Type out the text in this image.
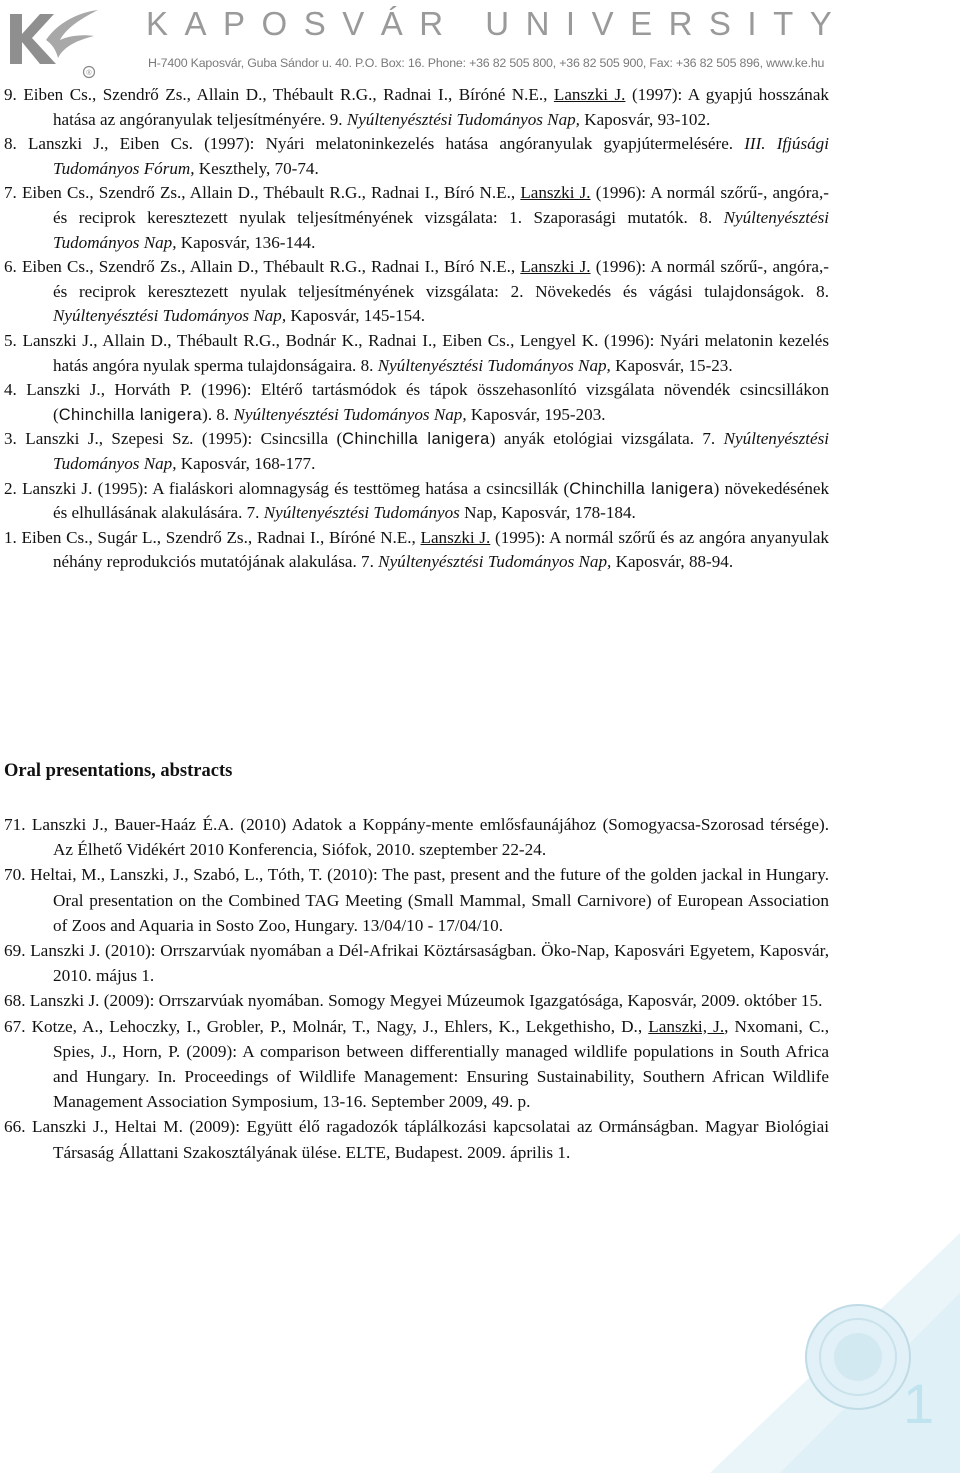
®
KAPOSVÁR UNIVERSITY
H-7400 Kaposvár, Guba Sándor u. 40. P.O. Box: 16. Phone: +36 82 505 800, +36 82 505 900, Fax: +36 82 505 896, www.ke.hu

9. Eiben Cs., Szendrő Zs., Allain D., Thébault R.G., Radnai I., Bíróné N.E., Lanszki J. (1997): A gyapjú hosszának hatása az angóranyulak teljesítményére. 9. Nyúltenyésztési Tudományos Nap, Kaposvár, 93-102.

8. Lanszki J., Eiben Cs. (1997): Nyári melatoninkezelés hatása angóranyulak gyapjútermelésére. III. Ifjúsági Tudományos Fórum, Keszthely, 70-74.

7. Eiben Cs., Szendrő Zs., Allain D., Thébault R.G., Radnai I., Bíró N.E., Lanszki J. (1996): A normál szőrű-, angóra,- és reciprok keresztezett nyulak teljesítményének vizsgálata: 1. Szaporasági mutatók. 8. Nyúltenyésztési Tudományos Nap, Kaposvár, 136-144.

6. Eiben Cs., Szendrő Zs., Allain D., Thébault R.G., Radnai I., Bíró N.E., Lanszki J. (1996): A normál szőrű-, angóra,- és reciprok keresztezett nyulak teljesítményének vizsgálata: 2. Növekedés és vágási tulajdonságok. 8. Nyúltenyésztési Tudományos Nap, Kaposvár, 145-154.

5. Lanszki J., Allain D., Thébault R.G., Bodnár K., Radnai I., Eiben Cs., Lengyel K. (1996): Nyári melatonin kezelés hatás angóra nyulak sperma tulajdonságaira. 8. Nyúltenyésztési Tudományos Nap, Kaposvár, 15-23.

4. Lanszki J., Horváth P. (1996): Eltérő tartásmódok és tápok összehasonlító vizsgálata növendék csincsillákon (Chinchilla lanigera). 8. Nyúltenyésztési Tudományos Nap, Kaposvár, 195-203.

3. Lanszki J., Szepesi Sz. (1995): Csincsilla (Chinchilla lanigera) anyák etológiai vizsgálata. 7. Nyúltenyésztési Tudományos Nap, Kaposvár, 168-177.

2. Lanszki J. (1995): A fialáskori alomnagyság és testtömeg hatása a csincsillák (Chinchilla lanigera) növekedésének és elhullásának alakulására. 7. Nyúltenyésztési Tudományos Nap, Kaposvár, 178-184.

1. Eiben Cs., Sugár L., Szendrő Zs., Radnai I., Bíróné N.E., Lanszki J. (1995): A normál szőrű és az angóra anyanyulak néhány reprodukciós mutatójának alakulása. 7. Nyúltenyésztési Tudományos Nap, Kaposvár, 88-94.

Oral presentations, abstracts

71. Lanszki J., Bauer-Haáz É.A. (2010) Adatok a Koppány-mente emlősfaunájához (Somogyacsa-Szorosad térsége). Az Élhető Vidékért 2010 Konferencia, Siófok, 2010. szeptember 22-24.

70. Heltai, M., Lanszki, J., Szabó, L., Tóth, T. (2010): The past, present and the future of the golden jackal in Hungary. Oral presentation on the Combined TAG Meeting (Small Mammal, Small Carnivore) of European Association of Zoos and Aquaria in Sosto Zoo, Hungary. 13/04/10 - 17/04/10.

69. Lanszki J. (2010): Orrszarvúak nyomában a Dél-Afrikai Köztársaságban. Öko-Nap, Kaposvári Egyetem, Kaposvár, 2010. május 1.

68. Lanszki J. (2009): Orrszarvúak nyomában. Somogy Megyei Múzeumok Igazgatósága, Kaposvár, 2009. október 15.

67. Kotze, A., Lehoczky, I., Grobler, P., Molnár, T., Nagy, J., Ehlers, K., Lekgethisho, D., Lanszki, J., Nxomani, C., Spies, J., Horn, P. (2009): A comparison between differentially managed wildlife populations in South Africa and Hungary. In. Proceedings of Wildlife Management: Ensuring Sustainability, Southern African Wildlife Management Association Symposium, 13-16. September 2009, 49. p.

66. Lanszki J., Heltai M. (2009): Együtt élő ragadozók táplálkozási kapcsolatai az Ormánságban. Magyar Biológiai Társaság Állattani Szakosztályának ülése. ELTE, Budapest. 2009. április 1.

1
